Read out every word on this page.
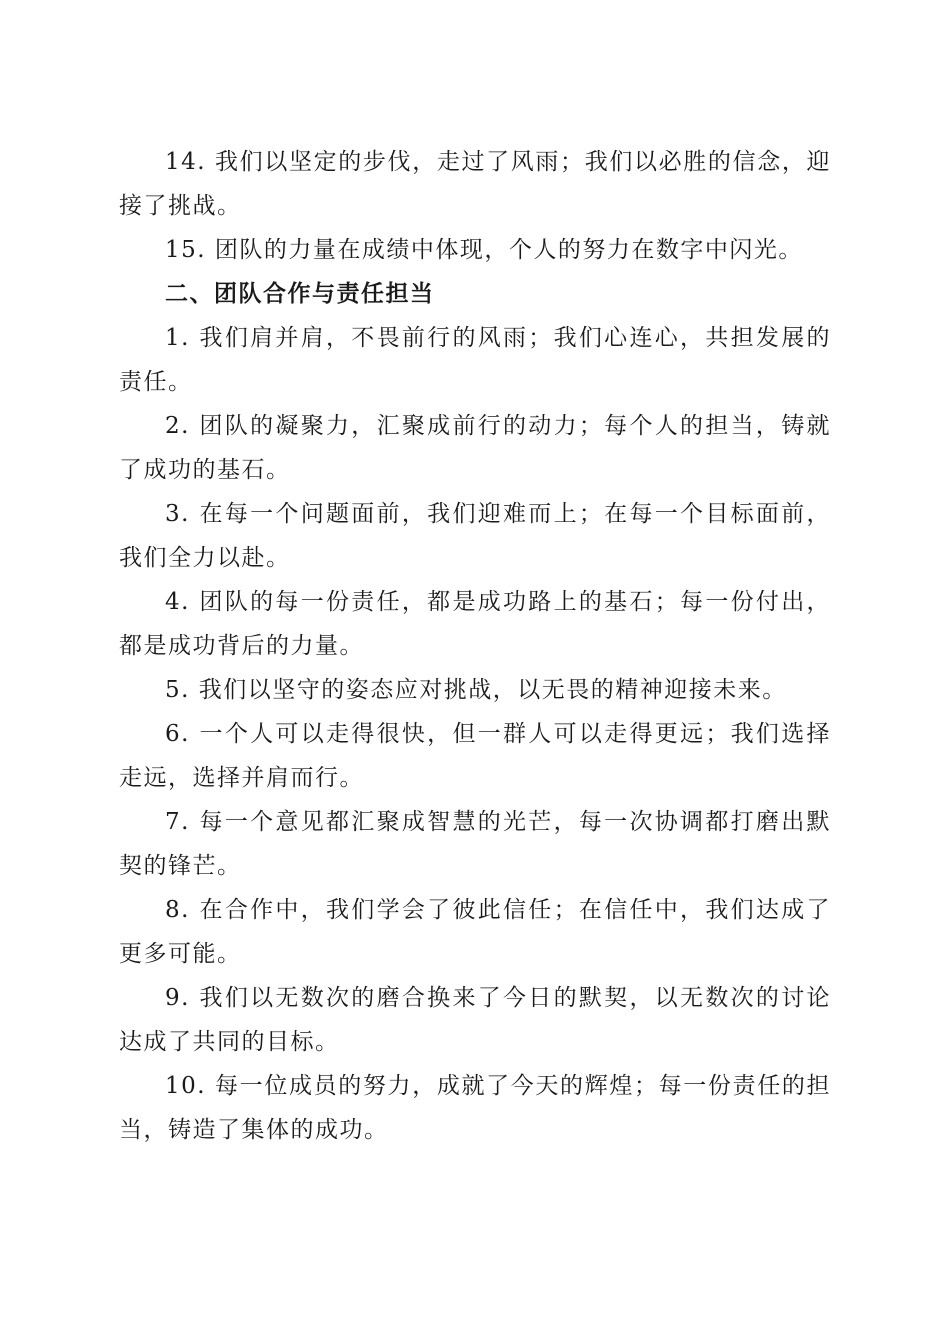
14. 我们以坚定的步伐，走过了风雨；我们以必胜的信念，迎接了挑战。

15. 团队的力量在成绩中体现，个人的努力在数字中闪光。

二、团队合作与责任担当

1. 我们肩并肩，不畏前行的风雨；我们心连心，共担发展的责任。

2. 团队的凝聚力，汇聚成前行的动力；每个人的担当，铸就了成功的基石。

3. 在每一个问题面前，我们迎难而上；在每一个目标面前，我们全力以赴。

4. 团队的每一份责任，都是成功路上的基石；每一份付出，都是成功背后的力量。

5. 我们以坚守的姿态应对挑战，以无畏的精神迎接未来。

6. 一个人可以走得很快，但一群人可以走得更远；我们选择走远，选择并肩而行。

7. 每一个意见都汇聚成智慧的光芒，每一次协调都打磨出默契的锋芒。

8. 在合作中，我们学会了彼此信任；在信任中，我们达成了更多可能。

9. 我们以无数次的磨合换来了今日的默契，以无数次的讨论达成了共同的目标。

10. 每一位成员的努力，成就了今天的辉煌；每一份责任的担当，铸造了集体的成功。
